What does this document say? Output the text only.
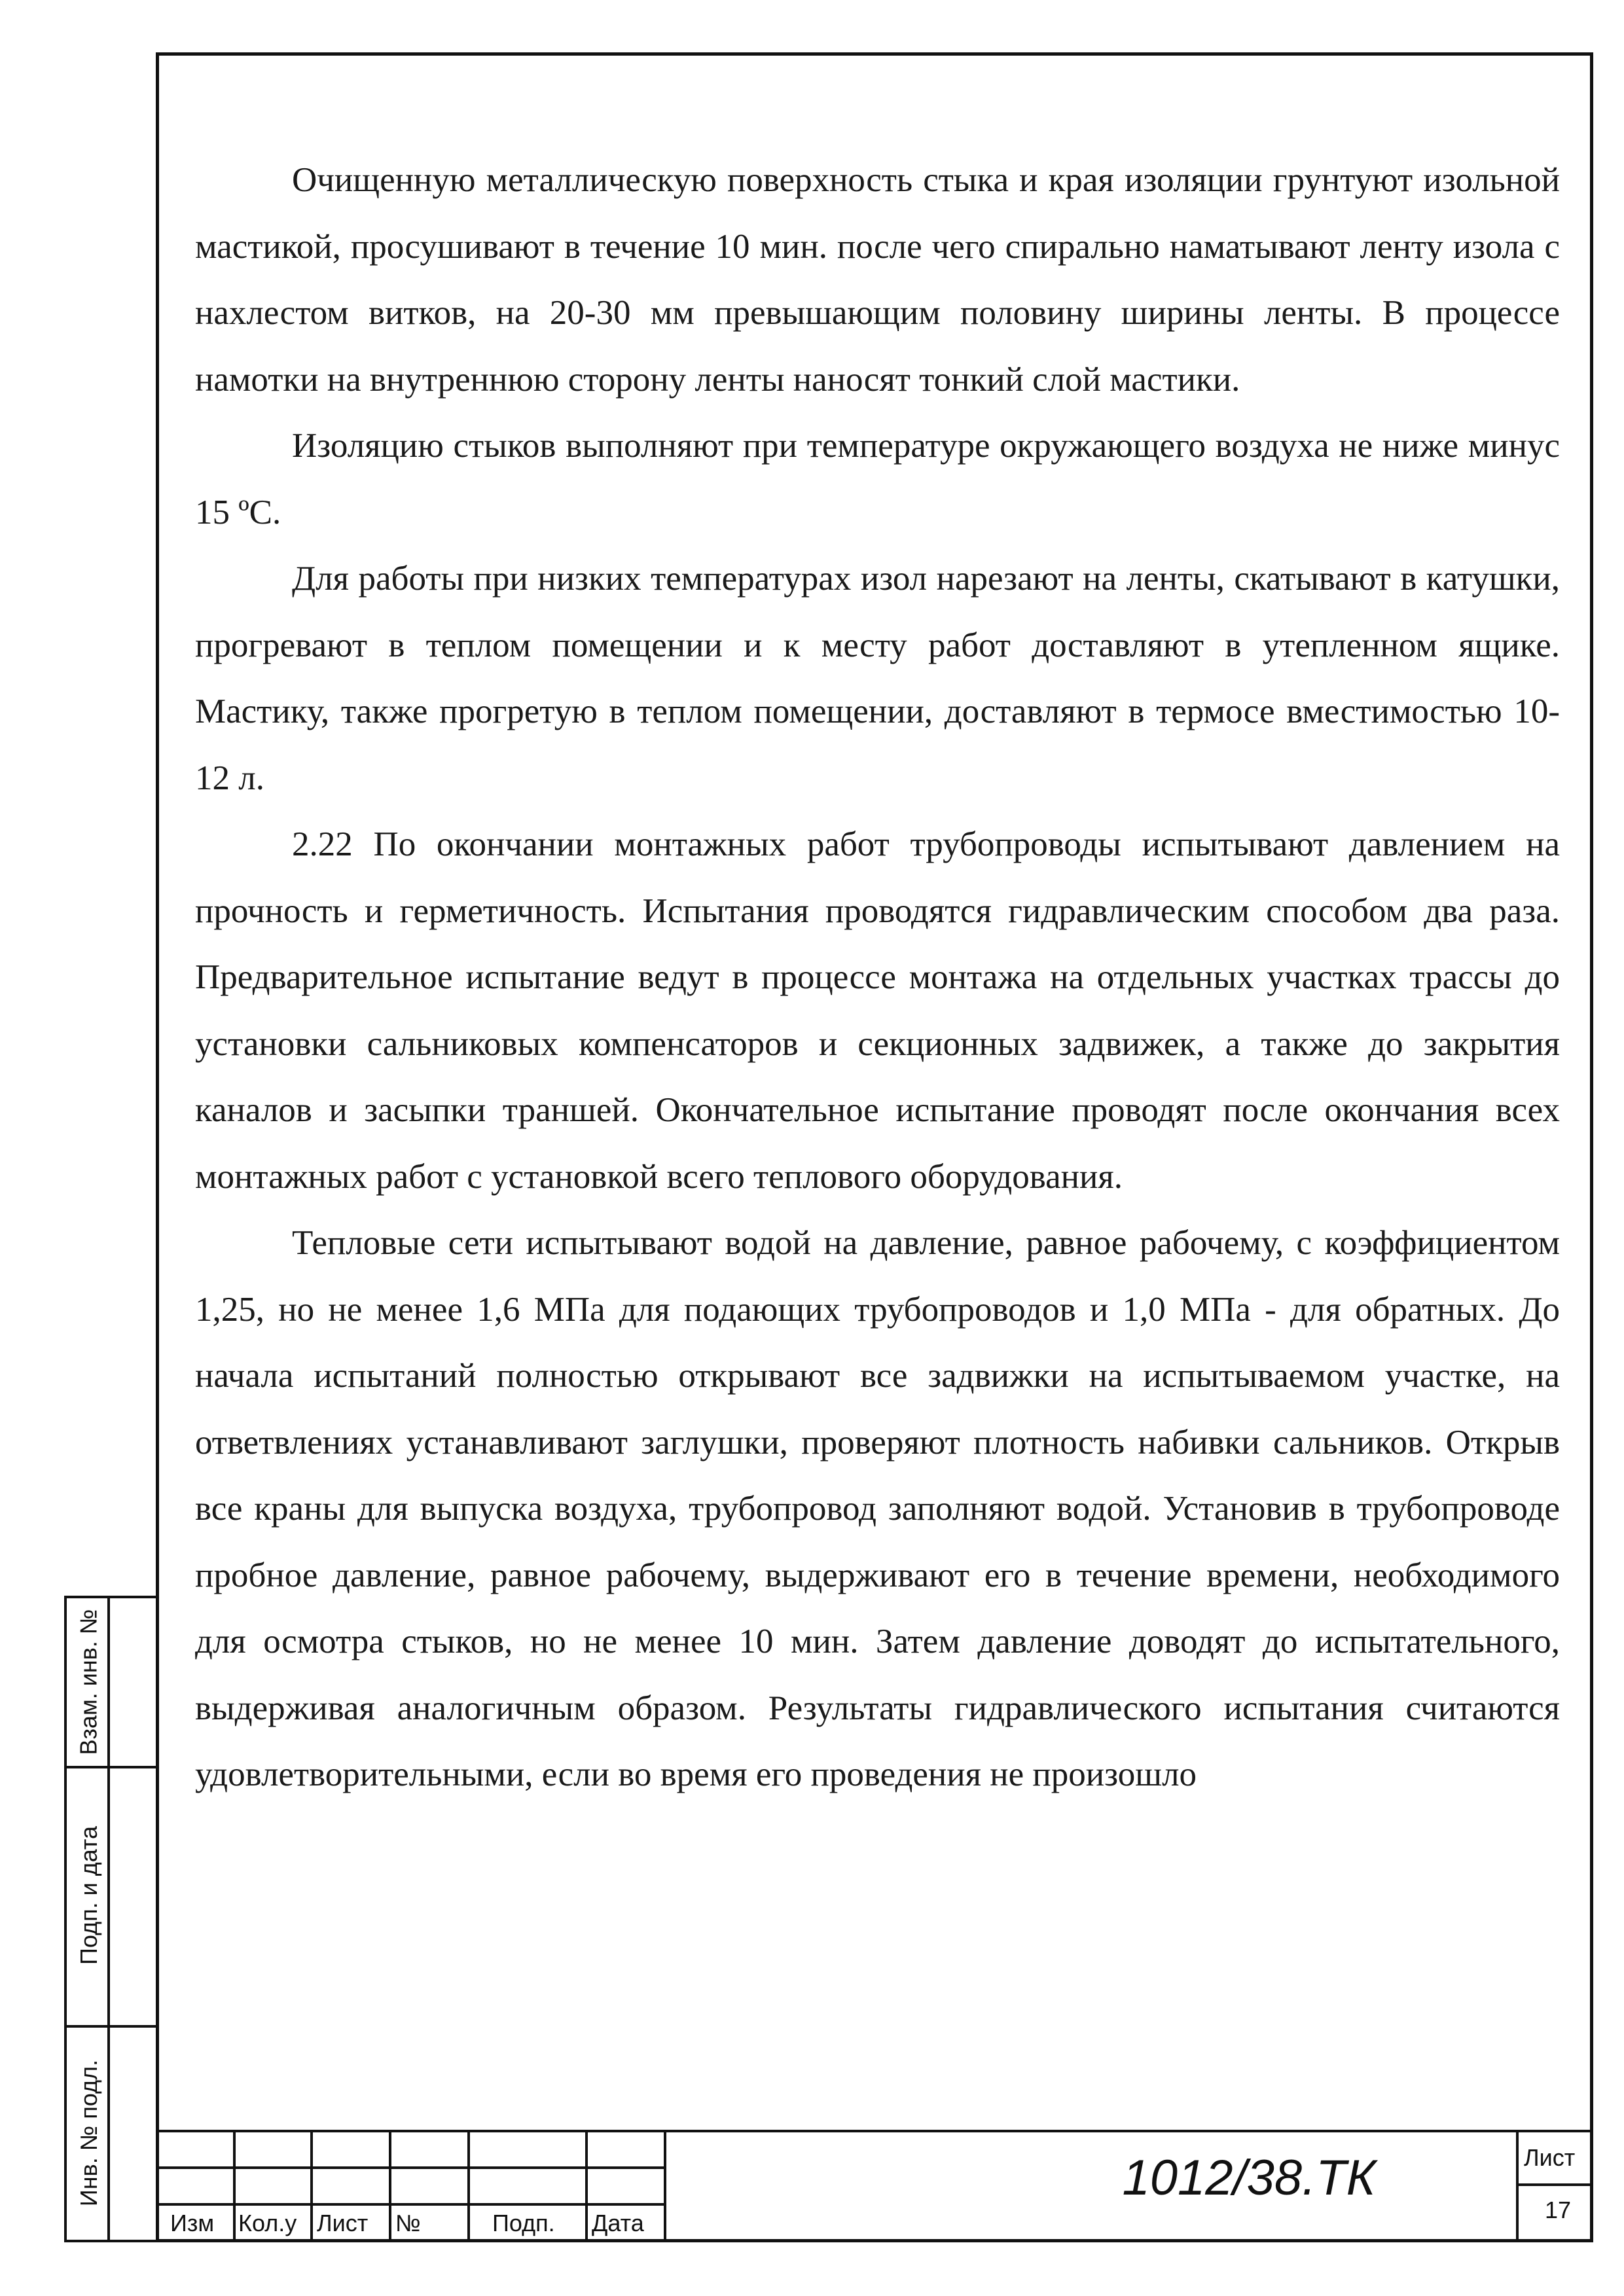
Очищенную металлическую поверхность стыка и края изоляции грунтуют изольной мастикой, просушивают в течение 10 мин. после чего спирально наматывают ленту изола с нахлестом витков, на 20-30 мм превышающим половину ширины ленты. В процессе намотки на внутреннюю сторону ленты наносят тонкий слой мастики.

Изоляцию стыков выполняют при температуре окружающего воздуха не ниже минус 15 ºС.

Для работы при низких температурах изол нарезают на ленты, скатывают в катушки, прогревают в теплом помещении и к месту работ доставляют в утепленном ящике. Мастику, также прогретую в теплом помещении, доставляют в термосе вместимостью 10-12 л.

2.22 По окончании монтажных работ трубопроводы испытывают давлением на прочность и герметичность. Испытания проводятся гидравлическим способом два раза. Предварительное испытание ведут в процессе монтажа на отдельных участках трассы до установки сальниковых компенсаторов и секционных задвижек, а также до закрытия каналов и засыпки траншей. Окончательное испытание проводят после окончания всех монтажных работ с установкой всего теплового оборудования.

Тепловые сети испытывают водой на давление, равное рабочему, с коэффициентом 1,25, но не менее 1,6 МПа для подающих трубопроводов и 1,0 МПа - для обратных. До начала испытаний полностью открывают все задвижки на испытываемом участке, на ответвлениях устанавливают заглушки, проверяют плотность набивки сальников. Открыв все краны для выпуска воздуха, трубопровод заполняют водой. Установив в трубопроводе пробное давление, равное рабочему, выдерживают его в течение времени, необходимого для осмотра стыков, но не менее 10 мин. Затем давление доводят до испытательного, выдерживая аналогичным образом. Результаты гидравлического испытания считаются удовлетворительными, если во время его проведения не произошло

Взам. инв. №
Подп. и дата
Инв. № подл.
Изм Кол.у Лист №	Подп. Дата
1012/38.ТК	Лист
17
